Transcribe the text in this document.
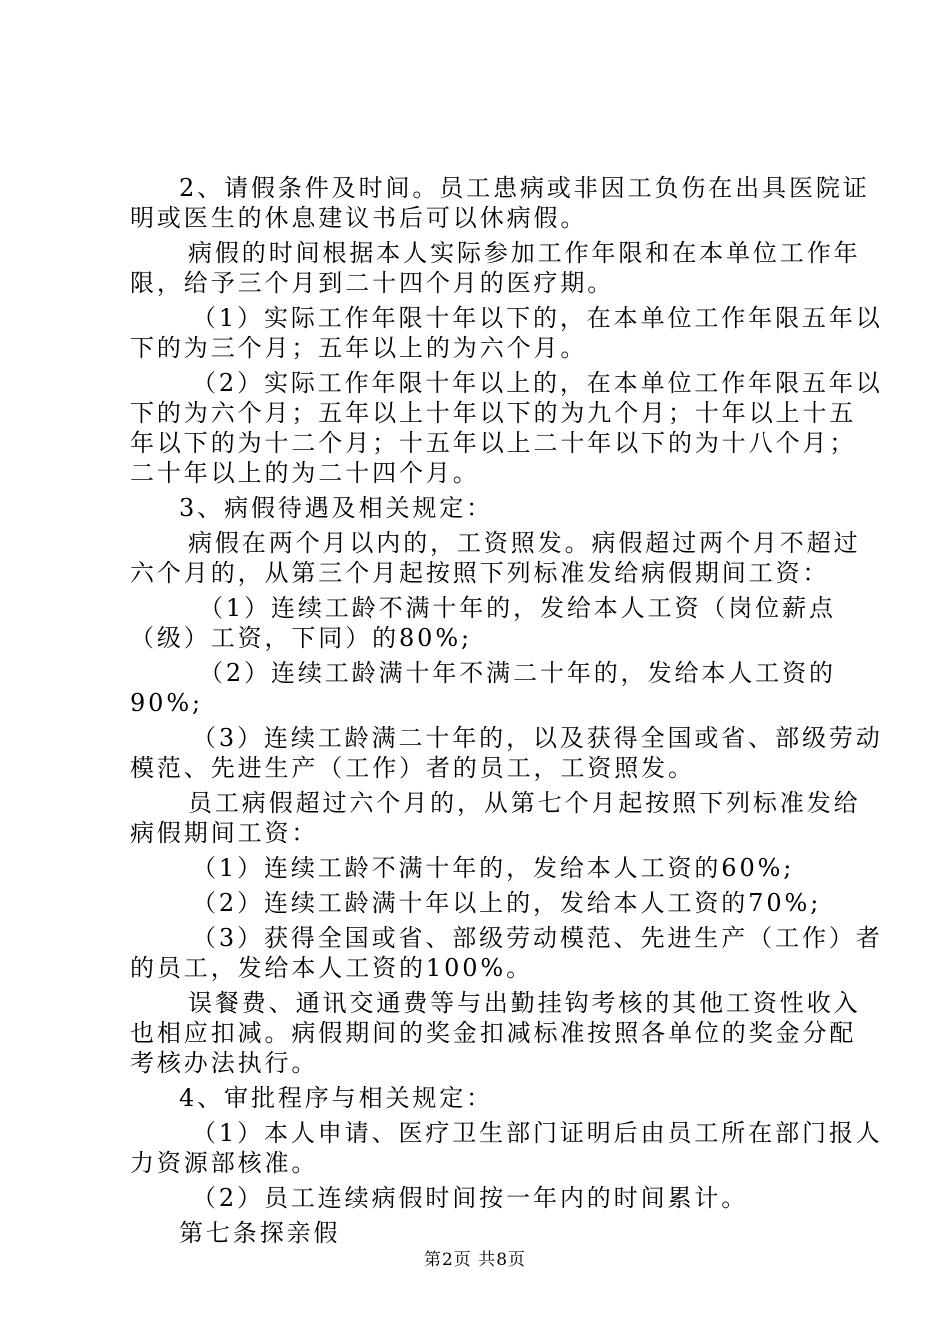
2、请假条件及时间。员工患病或非因工负伤在出具医院证
明或医生的休息建议书后可以休病假。
病假的时间根据本人实际参加工作年限和在本单位工作年
限，给予三个月到二十四个月的医疗期。
（1）实际工作年限十年以下的，在本单位工作年限五年以
下的为三个月；五年以上的为六个月。
（2）实际工作年限十年以上的，在本单位工作年限五年以
下的为六个月；五年以上十年以下的为九个月；十年以上十五
年以下的为十二个月；十五年以上二十年以下的为十八个月；
二十年以上的为二十四个月。
3、病假待遇及相关规定：
病假在两个月以内的，工资照发。病假超过两个月不超过
六个月的，从第三个月起按照下列标准发给病假期间工资：
（1）连续工龄不满十年的，发给本人工资（岗位薪点
（级）工资，下同）的80%;
（2）连续工龄满十年不满二十年的，发给本人工资的
90%;
（3）连续工龄满二十年的，以及获得全国或省、部级劳动
模范、先进生产（工作）者的员工，工资照发。
员工病假超过六个月的，从第七个月起按照下列标准发给
病假期间工资：
（1）连续工龄不满十年的，发给本人工资的60%;
（2）连续工龄满十年以上的，发给本人工资的70%;
（3）获得全国或省、部级劳动模范、先进生产（工作）者
的员工，发给本人工资的100%。
误餐费、通讯交通费等与出勤挂钩考核的其他工资性收入
也相应扣减。病假期间的奖金扣减标准按照各单位的奖金分配
考核办法执行。
4、审批程序与相关规定：
（1）本人申请、医疗卫生部门证明后由员工所在部门报人
力资源部核准。
（2）员工连续病假时间按一年内的时间累计。
第七条探亲假
第2页 共8页
